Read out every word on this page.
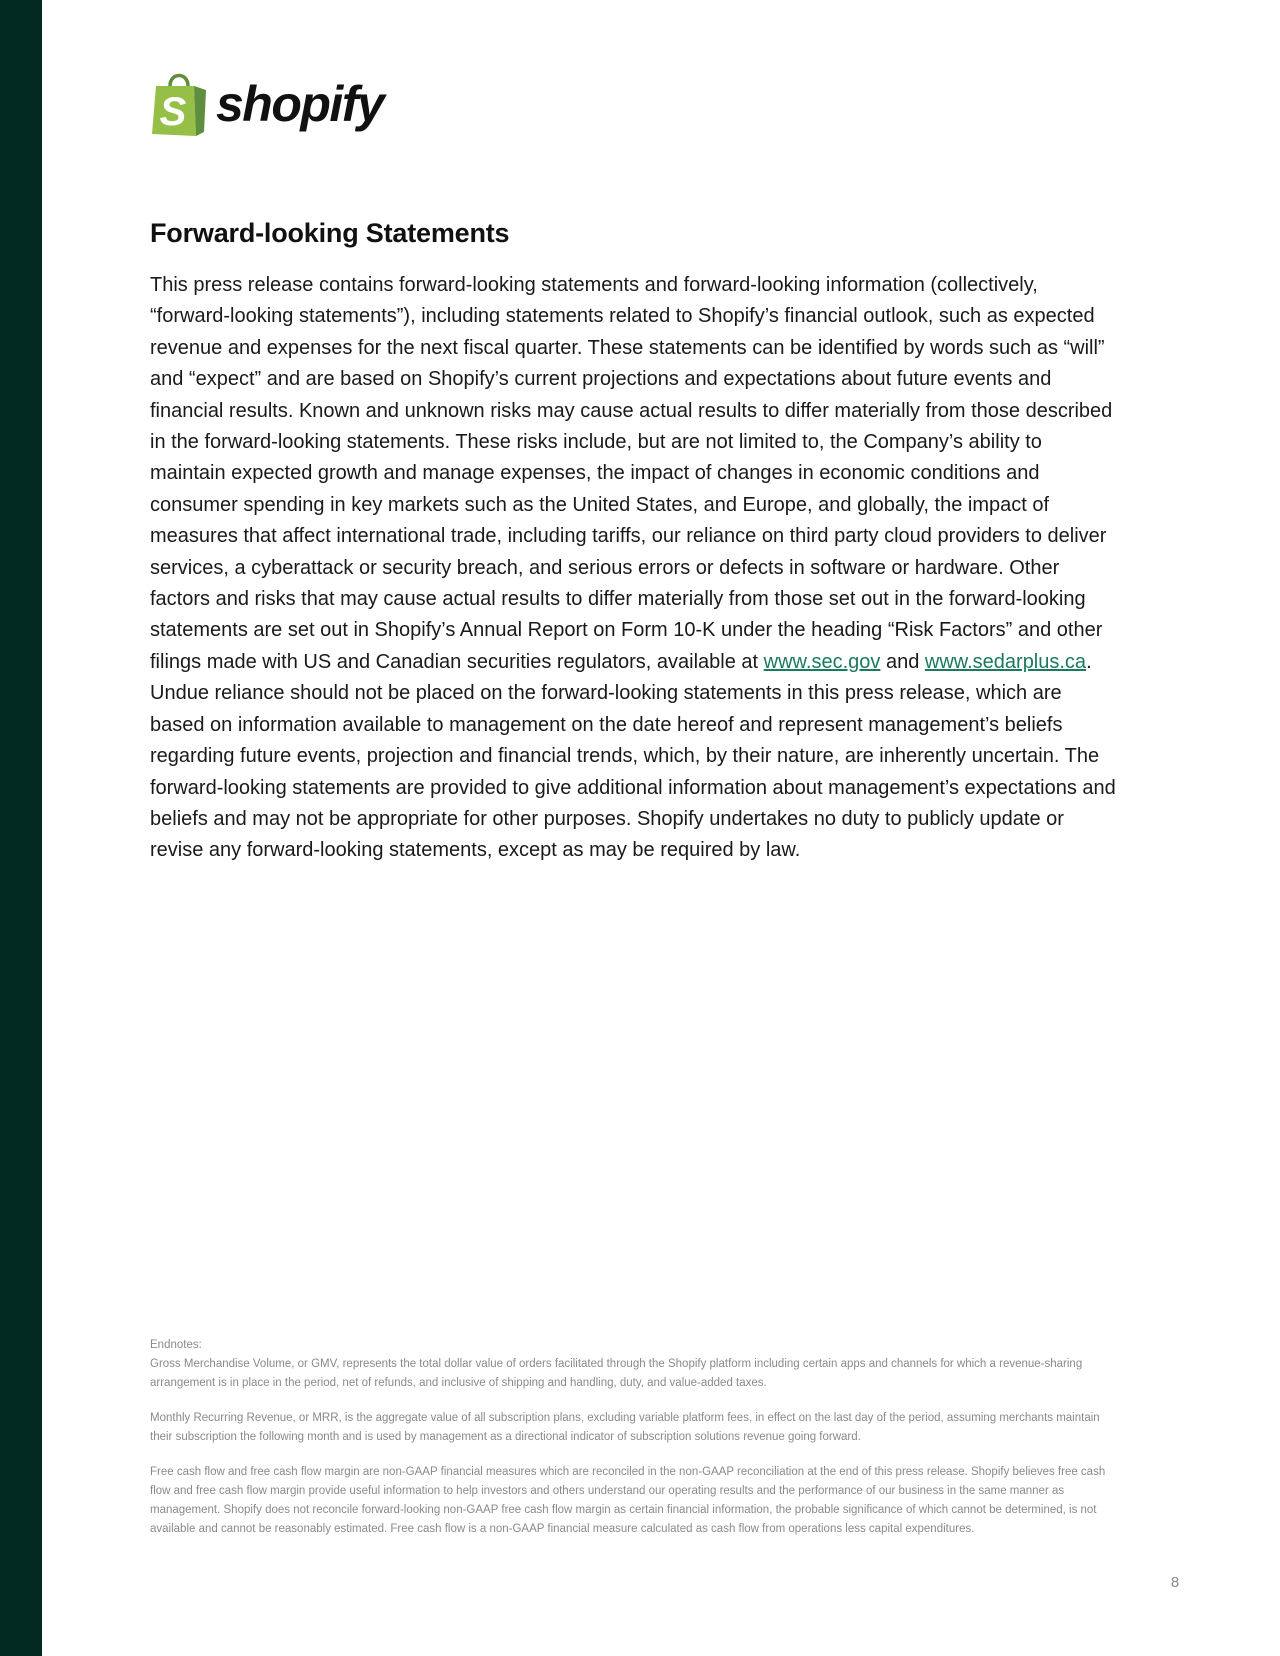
S shopify
Forward-looking Statements

This press release contains forward-looking statements and forward-looking information (collectively, “forward-looking statements”), including statements related to Shopify’s financial outlook, such as expected revenue and expenses for the next fiscal quarter. These statements can be identified by words such as “will” and “expect” and are based on Shopify’s current projections and expectations about future events and financial results. Known and unknown risks may cause actual results to differ materially from those described in the forward-looking statements. These risks include, but are not limited to, the Company’s ability to maintain expected growth and manage expenses, the impact of changes in economic conditions and consumer spending in key markets such as the United States, and Europe, and globally, the impact of measures that affect international trade, including tariffs, our reliance on third party cloud providers to deliver services, a cyberattack or security breach, and serious errors or defects in software or hardware. Other factors and risks that may cause actual results to differ materially from those set out in the forward-looking statements are set out in Shopify’s Annual Report on Form 10-K under the heading “Risk Factors” and other filings made with US and Canadian securities regulators, available at www.sec.gov and www.sedarplus.ca. Undue reliance should not be placed on the forward-looking statements in this press release, which are based on information available to management on the date hereof and represent management’s beliefs regarding future events, projection and financial trends, which, by their nature, are inherently uncertain. The forward-looking statements are provided to give additional information about management’s expectations and beliefs and may not be appropriate for other purposes. Shopify undertakes no duty to publicly update or revise any forward-looking statements, except as may be required by law.

Endnotes:

Gross Merchandise Volume, or GMV, represents the total dollar value of orders facilitated through the Shopify platform including certain apps and channels for which a revenue-sharing arrangement is in place in the period, net of refunds, and inclusive of shipping and handling, duty, and value-added taxes.

Monthly Recurring Revenue, or MRR, is the aggregate value of all subscription plans, excluding variable platform fees, in effect on the last day of the period, assuming merchants maintain their subscription the following month and is used by management as a directional indicator of subscription solutions revenue going forward.

Free cash flow and free cash flow margin are non-GAAP financial measures which are reconciled in the non-GAAP reconciliation at the end of this press release. Shopify believes free cash flow and free cash flow margin provide useful information to help investors and others understand our operating results and the performance of our business in the same manner as management. Shopify does not reconcile forward-looking non-GAAP free cash flow margin as certain financial information, the probable significance of which cannot be determined, is not available and cannot be reasonably estimated. Free cash flow is a non-GAAP financial measure calculated as cash flow from operations less capital expenditures.

8
